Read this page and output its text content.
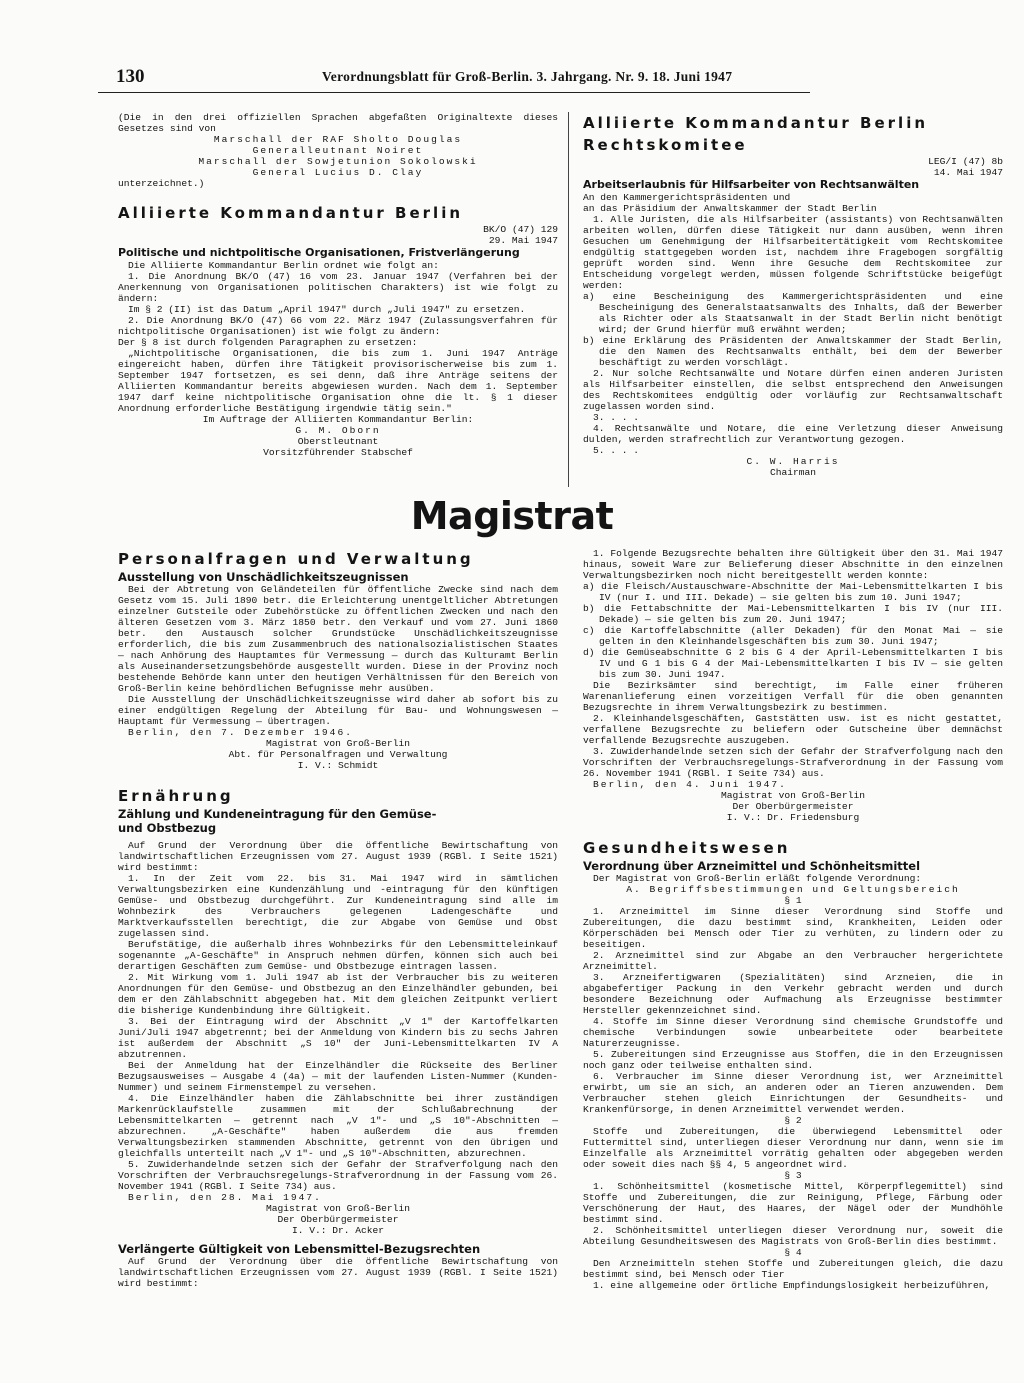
130	Verordnungsblatt für Groß-Berlin. 3. Jahrgang. Nr. 9. 18. Juni 1947

(Die in den drei offiziellen Sprachen abgefaßten Originaltexte dieses Gesetzes sind von

Marschall der RAF Sholto Douglas

Generalleutnant Noiret

Marschall der Sowjetunion Sokolowski

General Lucius D. Clay

unterzeichnet.)

Alliierte Kommandantur Berlin

BK/O (47) 129

29. Mai 1947

Politische und nichtpolitische Organisationen, Fristverlängerung

Die Alliierte Kommandantur Berlin ordnet wie folgt an:

1. Die Anordnung BK/O (47) 16 vom 23. Januar 1947 (Verfahren bei der Anerkennung von Organisationen politischen Charakters) ist wie folgt zu ändern:

Im § 2 (II) ist das Datum „April 1947" durch „Juli 1947" zu ersetzen.

2. Die Anordnung BK/O (47) 66 vom 22. März 1947 (Zulassungsverfahren für nichtpolitische Organisationen) ist wie folgt zu ändern:

Der § 8 ist durch folgenden Paragraphen zu ersetzen:

„Nichtpolitische Organisationen, die bis zum 1. Juni 1947 Anträge eingereicht haben, dürfen ihre Tätigkeit provisorischerweise bis zum 1. September 1947 fortsetzen, es sei denn, daß ihre Anträge seitens der Alliierten Kommandantur bereits abgewiesen wurden. Nach dem 1. September 1947 darf keine nichtpolitische Organisation ohne die lt. § 1 dieser Anordnung erforderliche Bestätigung irgendwie tätig sein."

Im Auftrage der Alliierten Kommandantur Berlin:

G. M. Oborn

Oberstleutnant

Vorsitzführender Stabschef

Alliierte Kommandantur Berlin

Rechtskomitee

LEG/I (47) 8b

14. Mai 1947

Arbeitserlaubnis für Hilfsarbeiter von Rechtsanwälten

An den Kammergerichtspräsidenten und

an das Präsidium der Anwaltskammer der Stadt Berlin

1. Alle Juristen, die als Hilfsarbeiter (assistants) von Rechtsanwälten arbeiten wollen, dürfen diese Tätigkeit nur dann ausüben, wenn ihren Gesuchen um Genehmigung der Hilfsarbeitertätigkeit vom Rechtskomitee endgültig stattgegeben worden ist, nachdem ihre Fragebogen sorgfältig geprüft worden sind. Wenn ihre Gesuche dem Rechtskomitee zur Entscheidung vorgelegt werden, müssen folgende Schriftstücke beigefügt werden:

a) eine Bescheinigung des Kammergerichtspräsidenten und eine Bescheinigung des Generalstaatsanwalts des Inhalts, daß der Bewerber als Richter oder als Staatsanwalt in der Stadt Berlin nicht benötigt wird; der Grund hierfür muß erwähnt werden;

b) eine Erklärung des Präsidenten der Anwaltskammer der Stadt Berlin, die den Namen des Rechtsanwalts enthält, bei dem der Bewerber beschäftigt zu werden vorschlägt.

2. Nur solche Rechtsanwälte und Notare dürfen einen anderen Juristen als Hilfsarbeiter einstellen, die selbst entsprechend den Anweisungen des Rechtskomitees endgültig oder vorläufig zur Rechtsanwaltschaft zugelassen worden sind.

3. . . .

4. Rechtsanwälte und Notare, die eine Verletzung dieser Anweisung dulden, werden strafrechtlich zur Verantwortung gezogen.

5. . . .

C. W. Harris

Chairman

Magistrat

Personalfragen und Verwaltung

Ausstellung von Unschädlichkeitszeugnissen

Bei der Abtretung von Geländeteilen für öffentliche Zwecke sind nach dem Gesetz vom 15. Juli 1890 betr. die Erleichterung unentgeltlicher Abtretungen einzelner Gutsteile oder Zubehörstücke zu öffentlichen Zwecken und nach den älteren Gesetzen vom 3. März 1850 betr. den Verkauf und vom 27. Juni 1860 betr. den Austausch solcher Grundstücke Unschädlichkeitszeugnisse erforderlich, die bis zum Zusammenbruch des nationalsozialistischen Staates — nach Anhörung des Hauptamtes für Vermessung — durch das Kulturamt Berlin als Auseinandersetzungsbehörde ausgestellt wurden. Diese in der Provinz noch bestehende Behörde kann unter den heutigen Verhältnissen für den Bereich von Groß-Berlin keine behördlichen Befugnisse mehr ausüben.

Die Ausstellung der Unschädlichkeitszeugnisse wird daher ab sofort bis zu einer endgültigen Regelung der Abteilung für Bau- und Wohnungswesen — Hauptamt für Vermessung — übertragen.

Berlin, den 7. Dezember 1946.

Magistrat von Groß-Berlin

Abt. für Personalfragen und Verwaltung

I. V.: Schmidt

Ernährung

Zählung und Kundeneintragung für den Gemüse-

und Obstbezug

Auf Grund der Verordnung über die öffentliche Bewirtschaftung von landwirtschaftlichen Erzeugnissen vom 27. August 1939 (RGBl. I Seite 1521) wird bestimmt:

1. In der Zeit vom 22. bis 31. Mai 1947 wird in sämtlichen Verwaltungsbezirken eine Kundenzählung und -eintragung für den künftigen Gemüse- und Obstbezug durchgeführt. Zur Kundeneintragung sind alle im Wohnbezirk des Verbrauchers gelegenen Ladengeschäfte und Marktverkaufsstellen berechtigt, die zur Abgabe von Gemüse und Obst zugelassen sind.

Berufstätige, die außerhalb ihres Wohnbezirks für den Lebensmitteleinkauf sogenannte „A-Geschäfte" in Anspruch nehmen dürfen, können sich auch bei derartigen Geschäften zum Gemüse- und Obstbezuge eintragen lassen.

2. Mit Wirkung vom 1. Juli 1947 ab ist der Verbraucher bis zu weiteren Anordnungen für den Gemüse- und Obstbezug an den Einzelhändler gebunden, bei dem er den Zählabschnitt abgegeben hat. Mit dem gleichen Zeitpunkt verliert die bisherige Kundenbindung ihre Gültigkeit.

3. Bei der Eintragung wird der Abschnitt „V 1" der Kartoffelkarten Juni/Juli 1947 abgetrennt; bei der Anmeldung von Kindern bis zu sechs Jahren ist außerdem der Abschnitt „S 10" der Juni-Lebensmittelkarten IV A abzutrennen.

Bei der Anmeldung hat der Einzelhändler die Rückseite des Berliner Bezugsausweises — Ausgabe 4 (4a) — mit der laufenden Listen-Nummer (Kunden-Nummer) und seinem Firmenstempel zu versehen.

4. Die Einzelhändler haben die Zählabschnitte bei ihrer zuständigen Markenrücklaufstelle zusammen mit der Schlußabrechnung der Lebensmittelkarten — getrennt nach „V 1"- und „S 10"-Abschnitten — abzurechnen. „A-Geschäfte" haben außerdem die aus fremden Verwaltungsbezirken stammenden Abschnitte, getrennt von den übrigen und gleichfalls unterteilt nach „V 1"- und „S 10"-Abschnitten, abzurechnen.

5. Zuwiderhandelnde setzen sich der Gefahr der Strafverfolgung nach den Vorschriften der Verbrauchsregelungs-Strafverordnung in der Fassung vom 26. November 1941 (RGBl. I Seite 734) aus.

Berlin, den 28. Mai 1947.

Magistrat von Groß-Berlin

Der Oberbürgermeister

I. V.: Dr. Acker

Verlängerte Gültigkeit von Lebensmittel-Bezugsrechten

Auf Grund der Verordnung über die öffentliche Bewirtschaftung von landwirtschaftlichen Erzeugnissen vom 27. August 1939 (RGBl. I Seite 1521) wird bestimmt:

1. Folgende Bezugsrechte behalten ihre Gültigkeit über den 31. Mai 1947 hinaus, soweit Ware zur Belieferung dieser Abschnitte in den einzelnen Verwaltungsbezirken noch nicht bereitgestellt werden konnte:

a) die Fleisch/Austauschware-Abschnitte der Mai-Lebensmittelkarten I bis IV (nur I. und III. Dekade) — sie gelten bis zum 10. Juni 1947;

b) die Fettabschnitte der Mai-Lebensmittelkarten I bis IV (nur III. Dekade) — sie gelten bis zum 20. Juni 1947;

c) die Kartoffelabschnitte (aller Dekaden) für den Monat Mai — sie gelten in den Kleinhandelsgeschäften bis zum 30. Juni 1947;

d) die Gemüseabschnitte G 2 bis G 4 der April-Lebensmittelkarten I bis IV und G 1 bis G 4 der Mai-Lebensmittelkarten I bis IV — sie gelten bis zum 30. Juni 1947.

Die Bezirksämter sind berechtigt, im Falle einer früheren Warenanlieferung einen vorzeitigen Verfall für die oben genannten Bezugsrechte in ihrem Verwaltungsbezirk zu bestimmen.

2. Kleinhandelsgeschäften, Gaststätten usw. ist es nicht gestattet, verfallene Bezugsrechte zu beliefern oder Gutscheine über demnächst verfallende Bezugsrechte auszugeben.

3. Zuwiderhandelnde setzen sich der Gefahr der Strafverfolgung nach den Vorschriften der Verbrauchsregelungs-Strafverordnung in der Fassung vom 26. November 1941 (RGBl. I Seite 734) aus.

Berlin, den 4. Juni 1947.

Magistrat von Groß-Berlin

Der Oberbürgermeister

I. V.: Dr. Friedensburg

Gesundheitswesen

Verordnung über Arzneimittel und Schönheitsmittel

Der Magistrat von Groß-Berlin erläßt folgende Verordnung:

A. Begriffsbestimmungen und Geltungsbereich

§ 1

1. Arzneimittel im Sinne dieser Verordnung sind Stoffe und Zubereitungen, die dazu bestimmt sind, Krankheiten, Leiden oder Körperschäden bei Mensch oder Tier zu verhüten, zu lindern oder zu beseitigen.

2. Arzneimittel sind zur Abgabe an den Verbraucher hergerichtete Arzneimittel.

3. Arzneifertigwaren (Spezialitäten) sind Arzneien, die in abgabefertiger Packung in den Verkehr gebracht werden und durch besondere Bezeichnung oder Aufmachung als Erzeugnisse bestimmter Hersteller gekennzeichnet sind.

4. Stoffe im Sinne dieser Verordnung sind chemische Grundstoffe und chemische Verbindungen sowie unbearbeitete oder bearbeitete Naturerzeugnisse.

5. Zubereitungen sind Erzeugnisse aus Stoffen, die in den Erzeugnissen noch ganz oder teilweise enthalten sind.

6. Verbraucher im Sinne dieser Verordnung ist, wer Arzneimittel erwirbt, um sie an sich, an anderen oder an Tieren anzuwenden. Dem Verbraucher stehen gleich Einrichtungen der Gesundheits- und Krankenfürsorge, in denen Arzneimittel verwendet werden.

§ 2

Stoffe und Zubereitungen, die überwiegend Lebensmittel oder Futtermittel sind, unterliegen dieser Verordnung nur dann, wenn sie im Einzelfalle als Arzneimittel vorrätig gehalten oder abgegeben werden oder soweit dies nach §§ 4, 5 angeordnet wird.

§ 3

1. Schönheitsmittel (kosmetische Mittel, Körperpflegemittel) sind Stoffe und Zubereitungen, die zur Reinigung, Pflege, Färbung oder Verschönerung der Haut, des Haares, der Nägel oder der Mundhöhle bestimmt sind.

2. Schönheitsmittel unterliegen dieser Verordnung nur, soweit die Abteilung Gesundheitswesen des Magistrats von Groß-Berlin dies bestimmt.

§ 4

Den Arzneimitteln stehen Stoffe und Zubereitungen gleich, die dazu bestimmt sind, bei Mensch oder Tier

1. eine allgemeine oder örtliche Empfindungslosigkeit herbeizuführen,
